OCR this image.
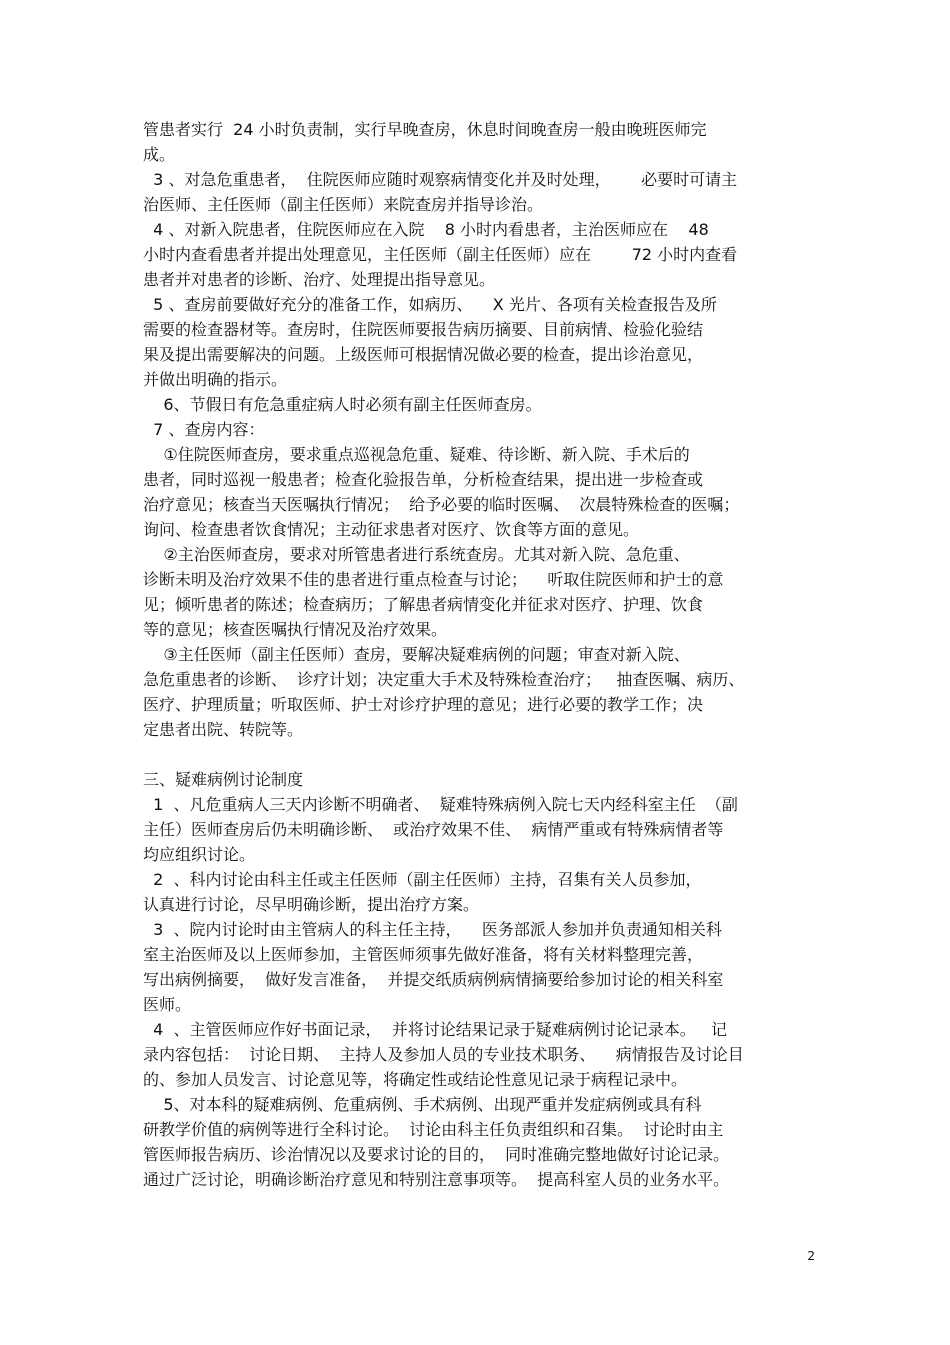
管患者实行  24 小时负责制，实行早晚查房，休息时间晚查房一般由晚班医师完
成。
3 、对急危重患者，  住院医师应随时观察病情变化并及时处理，      必要时可请主
治医师、主任医师（副主任医师）来院查房并指导诊治。
4 、对新入院患者，住院医师应在入院    8 小时内看患者，主治医师应在    48
小时内查看患者并提出处理意见，主任医师（副主任医师）应在        72 小时内查看
患者并对患者的诊断、治疗、处理提出指导意见。
5 、查房前要做好充分的准备工作，如病历、    X 光片、各项有关检查报告及所
需要的检查器材等。查房时，住院医师要报告病历摘要、目前病情、检验化验结
果及提出需要解决的问题。上级医师可根据情况做必要的检查，提出诊治意见，
并做出明确的指示。
6、节假日有危急重症病人时必须有副主任医师查房。
7 、查房内容：
①住院医师查房，要求重点巡视急危重、疑难、待诊断、新入院、手术后的
患者，同时巡视一般患者；检查化验报告单，分析检查结果，提出进一步检查或
治疗意见；核查当天医嘱执行情况；  给予必要的临时医嘱、  次晨特殊检查的医嘱；
询问、检查患者饮食情况；主动征求患者对医疗、饮食等方面的意见。
②主治医师查房，要求对所管患者进行系统查房。尤其对新入院、急危重、
诊断未明及治疗效果不佳的患者进行重点检查与讨论；    听取住院医师和护士的意
见；倾听患者的陈述；检查病历；了解患者病情变化并征求对医疗、护理、饮食
等的意见；核查医嘱执行情况及治疗效果。
③主任医师（副主任医师）查房，要解决疑难病例的问题；审查对新入院、
急危重患者的诊断、  诊疗计划；决定重大手术及特殊检查治疗；   抽查医嘱、病历、
医疗、护理质量；听取医师、护士对诊疗护理的意见；进行必要的教学工作；决
定患者出院、转院等。
三、疑难病例讨论制度
1  、凡危重病人三天内诊断不明确者、  疑难特殊病例入院七天内经科室主任  （副
主任）医师查房后仍未明确诊断、  或治疗效果不佳、  病情严重或有特殊病情者等
均应组织讨论。
2  、科内讨论由科主任或主任医师（副主任医师）主持，召集有关人员参加，
认真进行讨论，尽早明确诊断，提出治疗方案。
3  、院内讨论时由主管病人的科主任主持，    医务部派人参加并负责通知相关科
室主治医师及以上医师参加，主管医师须事先做好准备，将有关材料整理完善，
写出病例摘要，  做好发言准备，  并提交纸质病例病情摘要给参加讨论的相关科室
医师。
4  、主管医师应作好书面记录，  并将讨论结果记录于疑难病例讨论记录本。   记
录内容包括：  讨论日期、  主持人及参加人员的专业技术职务、    病情报告及讨论目
的、参加人员发言、讨论意见等，将确定性或结论性意见记录于病程记录中。
5、对本科的疑难病例、危重病例、手术病例、出现严重并发症病例或具有科
研教学价值的病例等进行全科讨论。  讨论由科主任负责组织和召集。  讨论时由主
管医师报告病历、诊治情况以及要求讨论的目的，  同时准确完整地做好讨论记录。
通过广泛讨论，明确诊断治疗意见和特别注意事项等。  提高科室人员的业务水平。
2
